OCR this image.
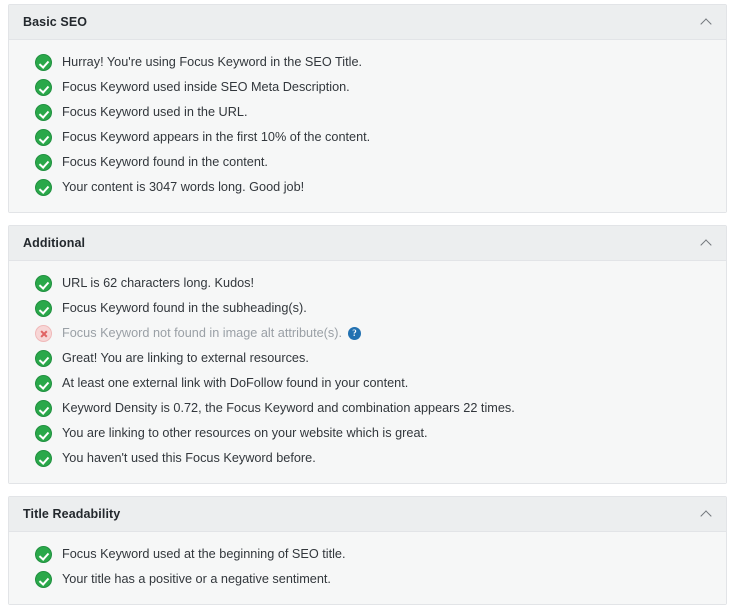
Basic SEO
Hurray! You're using Focus Keyword in the SEO Title.
Focus Keyword used inside SEO Meta Description.
Focus Keyword used in the URL.
Focus Keyword appears in the first 10% of the content.
Focus Keyword found in the content.
Your content is 3047 words long. Good job!
Additional
URL is 62 characters long. Kudos!
Focus Keyword found in the subheading(s).
Focus Keyword not found in image alt attribute(s). ?
Great! You are linking to external resources.
At least one external link with DoFollow found in your content.
Keyword Density is 0.72, the Focus Keyword and combination appears 22 times.
You are linking to other resources on your website which is great.
You haven't used this Focus Keyword before.
Title Readability
Focus Keyword used at the beginning of SEO title.
Your title has a positive or a negative sentiment.
